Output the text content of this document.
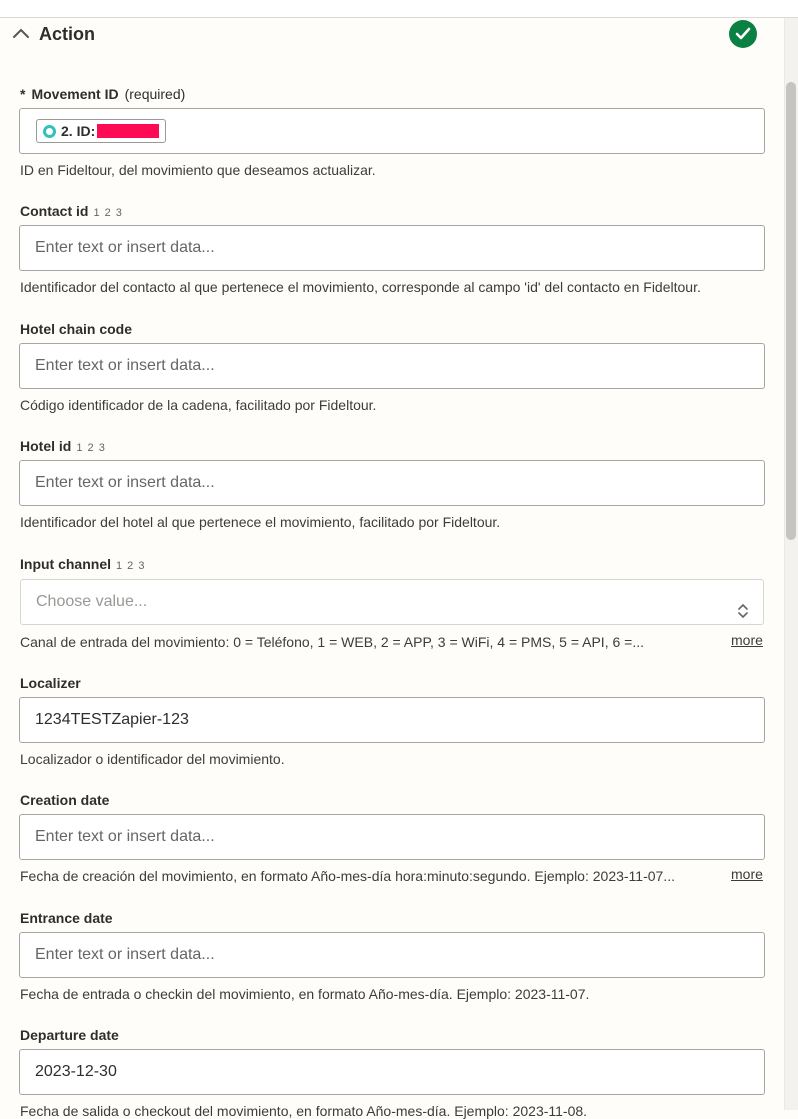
Action
* Movement ID (required)
2. ID:
ID en Fideltour, del movimiento que deseamos actualizar.
Contact id 1 2 3
Enter text or insert data...
Identificador del contacto al que pertenece el movimiento, corresponde al campo 'id' del contacto en Fideltour.
Hotel chain code
Enter text or insert data...
Código identificador de la cadena, facilitado por Fideltour.
Hotel id 1 2 3
Enter text or insert data...
Identificador del hotel al que pertenece el movimiento, facilitado por Fideltour.
Input channel 1 2 3
Choose value...
Canal de entrada del movimiento: 0 = Teléfono, 1 = WEB, 2 = APP, 3 = WiFi, 4 = PMS, 5 = API, 6 =...	more
Localizer
1234TESTZapier-123
Localizador o identificador del movimiento.
Creation date
Enter text or insert data...
Fecha de creación del movimiento, en formato Año-mes-día hora:minuto:segundo. Ejemplo: 2023-11-07...	more
Entrance date
Enter text or insert data...
Fecha de entrada o checkin del movimiento, en formato Año-mes-día. Ejemplo: 2023-11-07.
Departure date
2023-12-30
Fecha de salida o checkout del movimiento, en formato Año-mes-día. Ejemplo: 2023-11-08.
